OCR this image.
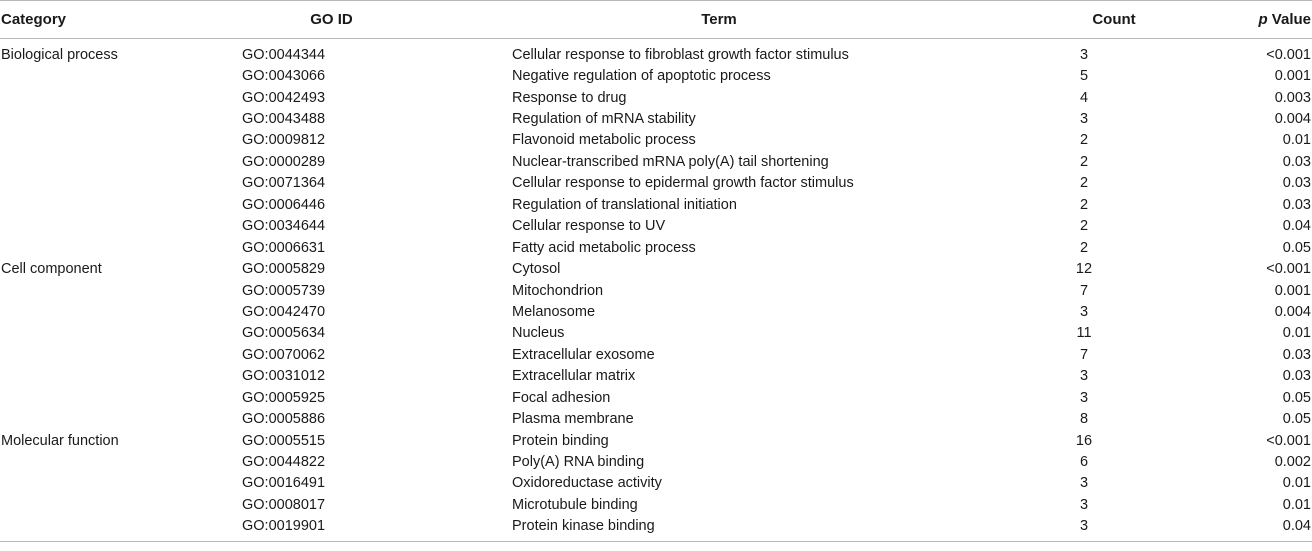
Category	GO ID	Term	Count	p Value
Biological process	GO:0044344	Cellular response to fibroblast growth factor stimulus	3	<0.001
	GO:0043066	Negative regulation of apoptotic process	5	0.001
	GO:0042493	Response to drug	4	0.003
	GO:0043488	Regulation of mRNA stability	3	0.004
	GO:0009812	Flavonoid metabolic process	2	0.01
	GO:0000289	Nuclear-transcribed mRNA poly(A) tail shortening	2	0.03
	GO:0071364	Cellular response to epidermal growth factor stimulus	2	0.03
	GO:0006446	Regulation of translational initiation	2	0.03
	GO:0034644	Cellular response to UV	2	0.04
	GO:0006631	Fatty acid metabolic process	2	0.05
Cell component	GO:0005829	Cytosol	12	<0.001
	GO:0005739	Mitochondrion	7	0.001
	GO:0042470	Melanosome	3	0.004
	GO:0005634	Nucleus	11	0.01
	GO:0070062	Extracellular exosome	7	0.03
	GO:0031012	Extracellular matrix	3	0.03
	GO:0005925	Focal adhesion	3	0.05
	GO:0005886	Plasma membrane	8	0.05
Molecular function	GO:0005515	Protein binding	16	<0.001
	GO:0044822	Poly(A) RNA binding	6	0.002
	GO:0016491	Oxidoreductase activity	3	0.01
	GO:0008017	Microtubule binding	3	0.01
	GO:0019901	Protein kinase binding	3	0.04
